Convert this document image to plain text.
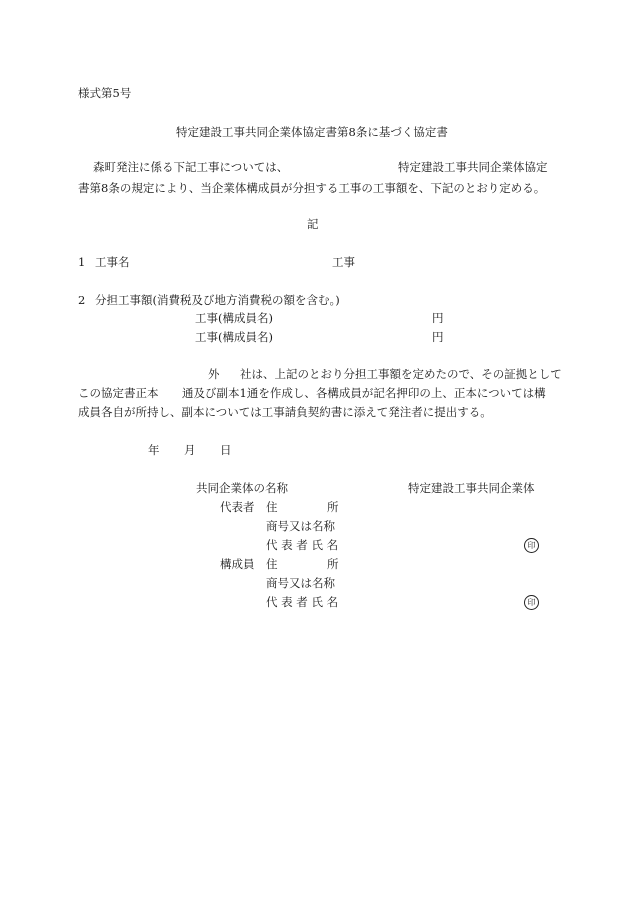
様式第5号
特定建設工事共同企業体協定書第8条に基づく協定書
森町発注に係る下記工事については、	特定建設工事共同企業体協定
書第8条の規定により、当企業体構成員が分担する工事の工事額を、下記のとおり定める。
記
1 工事名	工事
2 分担工事額(消費税及び地方消費税の額を含む。)
工事(構成員名)	円
工事(構成員名)	円
外 社は、上記のとおり分担工事額を定めたので、その証拠として
この協定書正本 通及び副本1通を作成し、各構成員が記名押印の上、正本については構
成員各自が所持し、副本については工事請負契約書に添えて発注者に提出する。
年 月 日
共同企業体の名称	特定建設工事共同企業体
代表者 住	所
商号又は名称
代 表 者 氏 名	印
構成員 住	所
商号又は名称
代 表 者 氏 名	印
